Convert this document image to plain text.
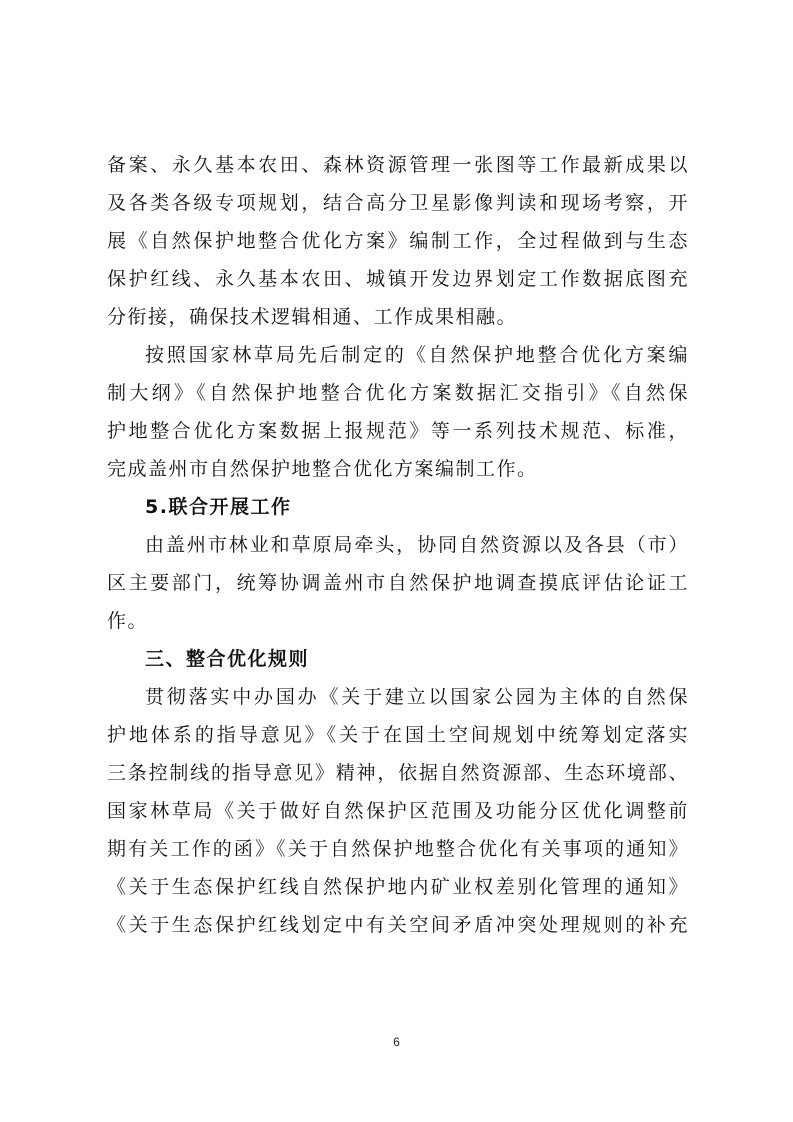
备案、永久基本农田、森林资源管理一张图等工作最新成果以
及各类各级专项规划，结合高分卫星影像判读和现场考察，开
展《自然保护地整合优化方案》编制工作，全过程做到与生态
保护红线、永久基本农田、城镇开发边界划定工作数据底图充
分衔接，确保技术逻辑相通、工作成果相融。
按照国家林草局先后制定的《自然保护地整合优化方案编
制大纲》《自然保护地整合优化方案数据汇交指引》《自然保
护地整合优化方案数据上报规范》等一系列技术规范、标准，
完成盖州市自然保护地整合优化方案编制工作。
5.联合开展工作
由盖州市林业和草原局牵头，协同自然资源以及各县（市）
区主要部门，统筹协调盖州市自然保护地调查摸底评估论证工
作。
三、整合优化规则
贯彻落实中办国办《关于建立以国家公园为主体的自然保
护地体系的指导意见》《关于在国土空间规划中统筹划定落实
三条控制线的指导意见》精神，依据自然资源部、生态环境部、
国家林草局《关于做好自然保护区范围及功能分区优化调整前
期有关工作的函》《关于自然保护地整合优化有关事项的通知》
《关于生态保护红线自然保护地内矿业权差别化管理的通知》
《关于生态保护红线划定中有关空间矛盾冲突处理规则的补充
6
